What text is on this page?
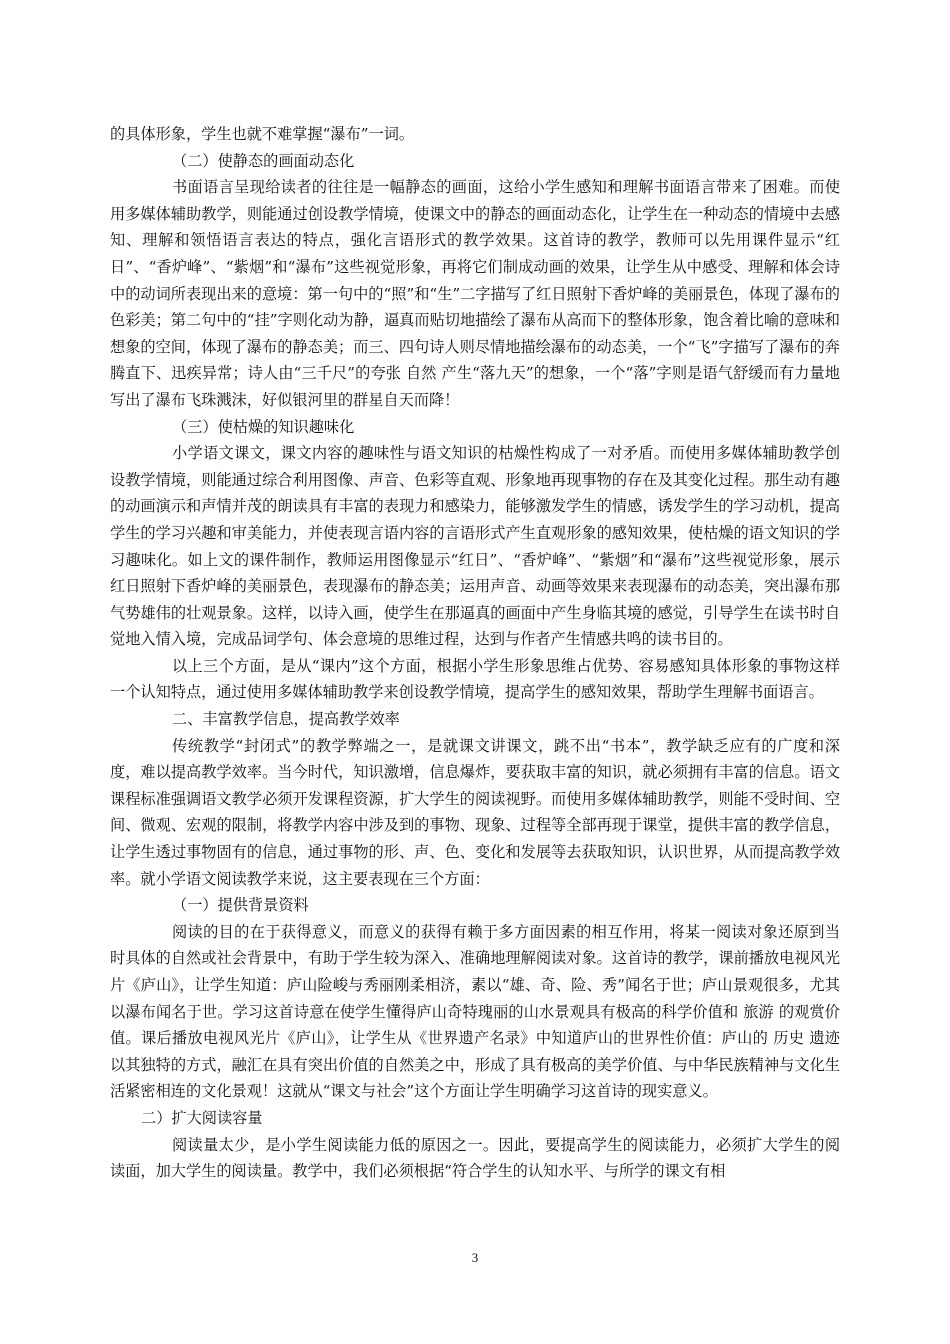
的具体形象，学生也就不难掌握“瀑布”一词。

（二）使静态的画面动态化

书面语言呈现给读者的往往是一幅静态的画面，这给小学生感知和理解书面语言带来了困难。而使用多媒体辅助教学，则能通过创设教学情境，使课文中的静态的画面动态化，让学生在一种动态的情境中去感知、理解和领悟语言表达的特点，强化言语形式的教学效果。这首诗的教学，教师可以先用课件显示“红日”、“香炉峰”、“紫烟”和“瀑布”这些视觉形象，再将它们制成动画的效果，让学生从中感受、理解和体会诗中的动词所表现出来的意境：第一句中的“照”和“生”二字描写了红日照射下香炉峰的美丽景色，体现了瀑布的色彩美；第二句中的“挂”字则化动为静，逼真而贴切地描绘了瀑布从高而下的整体形象，饱含着比喻的意味和想象的空间，体现了瀑布的静态美；而三、四句诗人则尽情地描绘瀑布的动态美，一个“飞”字描写了瀑布的奔腾直下、迅疾异常；诗人由“三千尺”的夸张 自然 产生“落九天”的想象，一个“落”字则是语气舒缓而有力量地写出了瀑布飞珠溅沫，好似银河里的群星自天而降！

（三）使枯燥的知识趣味化

小学语文课文，课文内容的趣味性与语文知识的枯燥性构成了一对矛盾。而使用多媒体辅助教学创设教学情境，则能通过综合利用图像、声音、色彩等直观、形象地再现事物的存在及其变化过程。那生动有趣的动画演示和声情并茂的朗读具有丰富的表现力和感染力，能够激发学生的情感，诱发学生的学习动机，提高学生的学习兴趣和审美能力，并使表现言语内容的言语形式产生直观形象的感知效果，使枯燥的语文知识的学习趣味化。如上文的课件制作，教师运用图像显示“红日”、“香炉峰”、“紫烟”和“瀑布”这些视觉形象，展示红日照射下香炉峰的美丽景色，表现瀑布的静态美；运用声音、动画等效果来表现瀑布的动态美，突出瀑布那气势雄伟的壮观景象。这样，以诗入画，使学生在那逼真的画面中产生身临其境的感觉，引导学生在读书时自觉地入情入境，完成品词学句、体会意境的思维过程，达到与作者产生情感共鸣的读书目的。

以上三个方面，是从“课内”这个方面，根据小学生形象思维占优势、容易感知具体形象的事物这样一个认知特点，通过使用多媒体辅助教学来创设教学情境，提高学生的感知效果，帮助学生理解书面语言。

二、丰富教学信息，提高教学效率

传统教学“封闭式”的教学弊端之一，是就课文讲课文，跳不出“书本”，教学缺乏应有的广度和深度，难以提高教学效率。当今时代，知识激增，信息爆炸，要获取丰富的知识，就必须拥有丰富的信息。语文课程标准强调语文教学必须开发课程资源，扩大学生的阅读视野。而使用多媒体辅助教学，则能不受时间、空间、微观、宏观的限制，将教学内容中涉及到的事物、现象、过程等全部再现于课堂，提供丰富的教学信息，让学生透过事物固有的信息，通过事物的形、声、色、变化和发展等去获取知识，认识世界，从而提高教学效率。就小学语文阅读教学来说，这主要表现在三个方面：

（一）提供背景资料

阅读的目的在于获得意义，而意义的获得有赖于多方面因素的相互作用，将某一阅读对象还原到当时具体的自然或社会背景中，有助于学生较为深入、准确地理解阅读对象。这首诗的教学，课前播放电视风光片《庐山》，让学生知道：庐山险峻与秀丽刚柔相济，素以“雄、奇、险、秀”闻名于世；庐山景观很多，尤其以瀑布闻名于世。学习这首诗意在使学生懂得庐山奇特瑰丽的山水景观具有极高的科学价值和 旅游 的观赏价值。课后播放电视风光片《庐山》，让学生从《世界遗产名录》中知道庐山的世界性价值：庐山的 历史 遗迹以其独特的方式，融汇在具有突出价值的自然美之中，形成了具有极高的美学价值、与中华民族精神与文化生活紧密相连的文化景观！这就从“课文与社会”这个方面让学生明确学习这首诗的现实意义。

二）扩大阅读容量

阅读量太少，是小学生阅读能力低的原因之一。因此，要提高学生的阅读能力，必须扩大学生的阅读面，加大学生的阅读量。教学中，我们必须根据“符合学生的认知水平、与所学的课文有相

3
